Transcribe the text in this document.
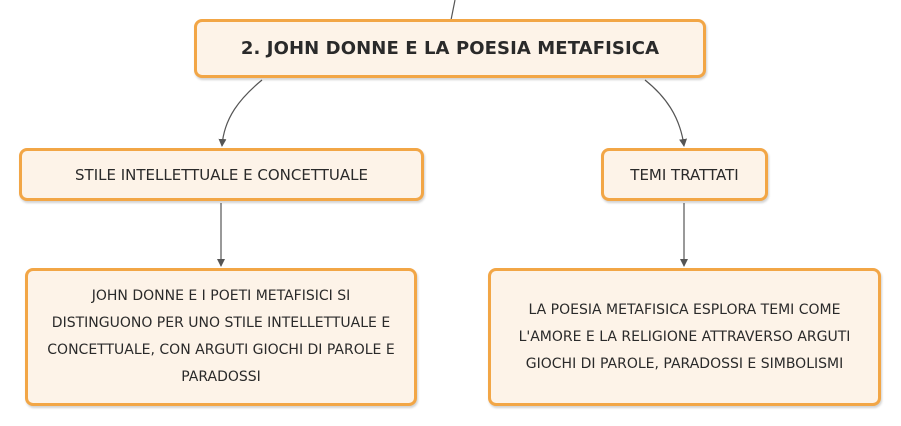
2. JOHN DONNE E LA POESIA METAFISICA
STILE INTELLETTUALE E CONCETTUALE	TEMI TRATTATI
JOHN DONNE E I POETI METAFISICI SI DISTINGUONO PER UNO STILE INTELLETTUALE E CONCETTUALE, CON ARGUTI GIOCHI DI PAROLE E PARADOSSI
LA POESIA METAFISICA ESPLORA TEMI COME L'AMORE E LA RELIGIONE ATTRAVERSO ARGUTI GIOCHI DI PAROLE, PARADOSSI E SIMBOLISMI
